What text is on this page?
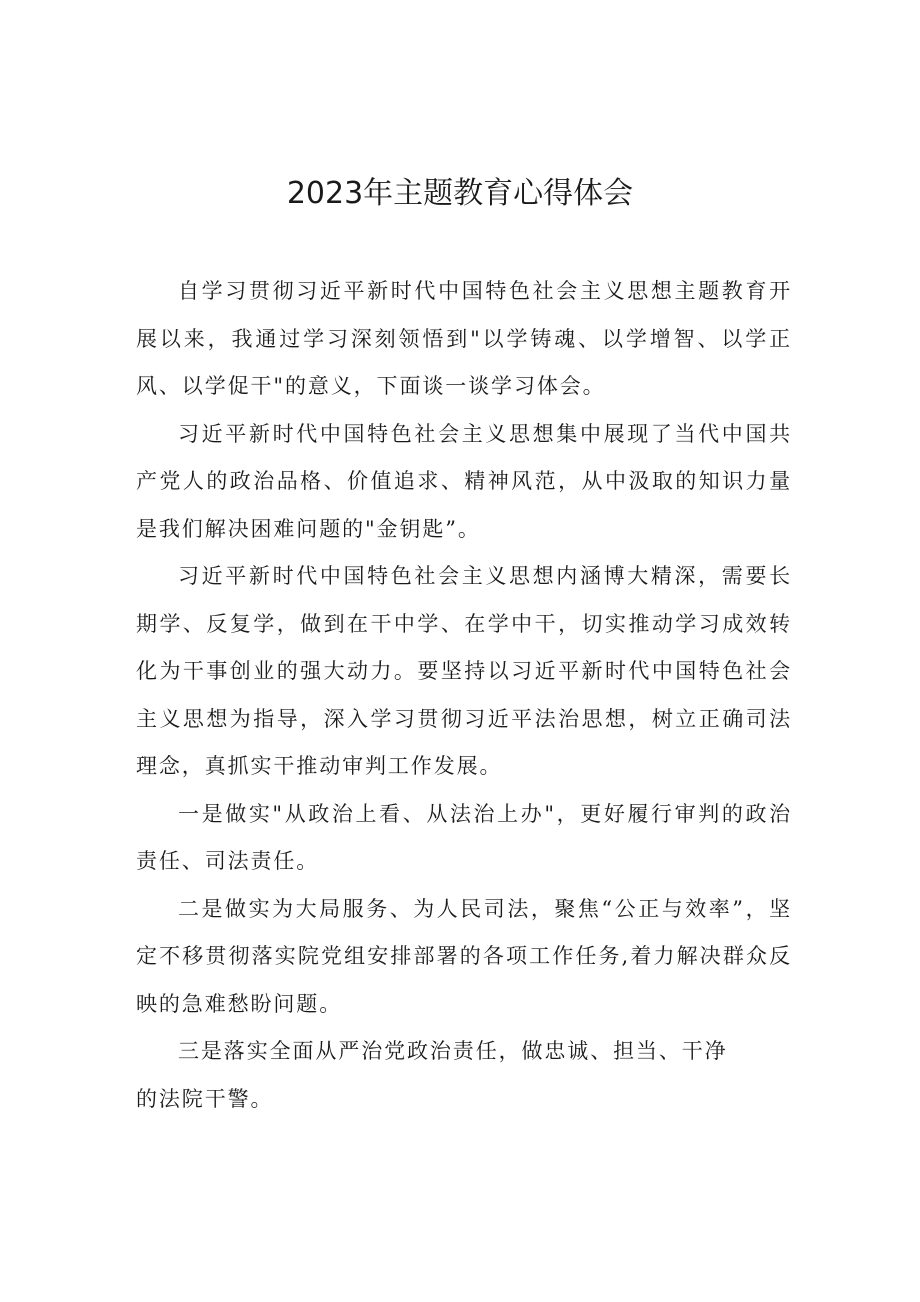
2023年主题教育心得体会

自学习贯彻习近平新时代中国特色社会主义思想主题教育开展以来，我通过学习深刻领悟到"以学铸魂、以学增智、以学正风、以学促干"的意义，下面谈一谈学习体会。

习近平新时代中国特色社会主义思想集中展现了当代中国共产党人的政治品格、价值追求、精神风范，从中汲取的知识力量是我们解决困难问题的"金钥匙”。

习近平新时代中国特色社会主义思想内涵博大精深，需要长期学、反复学，做到在干中学、在学中干，切实推动学习成效转化为干事创业的强大动力。要坚持以习近平新时代中国特色社会主义思想为指导，深入学习贯彻习近平法治思想，树立正确司法理念，真抓实干推动审判工作发展。

一是做实"从政治上看、从法治上办"，更好履行审判的政治责任、司法责任。

二是做实为大局服务、为人民司法，聚焦“公正与效率”，坚定不移贯彻落实院党组安排部署的各项工作任务,着力解决群众反映的急难愁盼问题。

三是落实全面从严治党政治责任，做忠诚、担当、干净的法院干警。
